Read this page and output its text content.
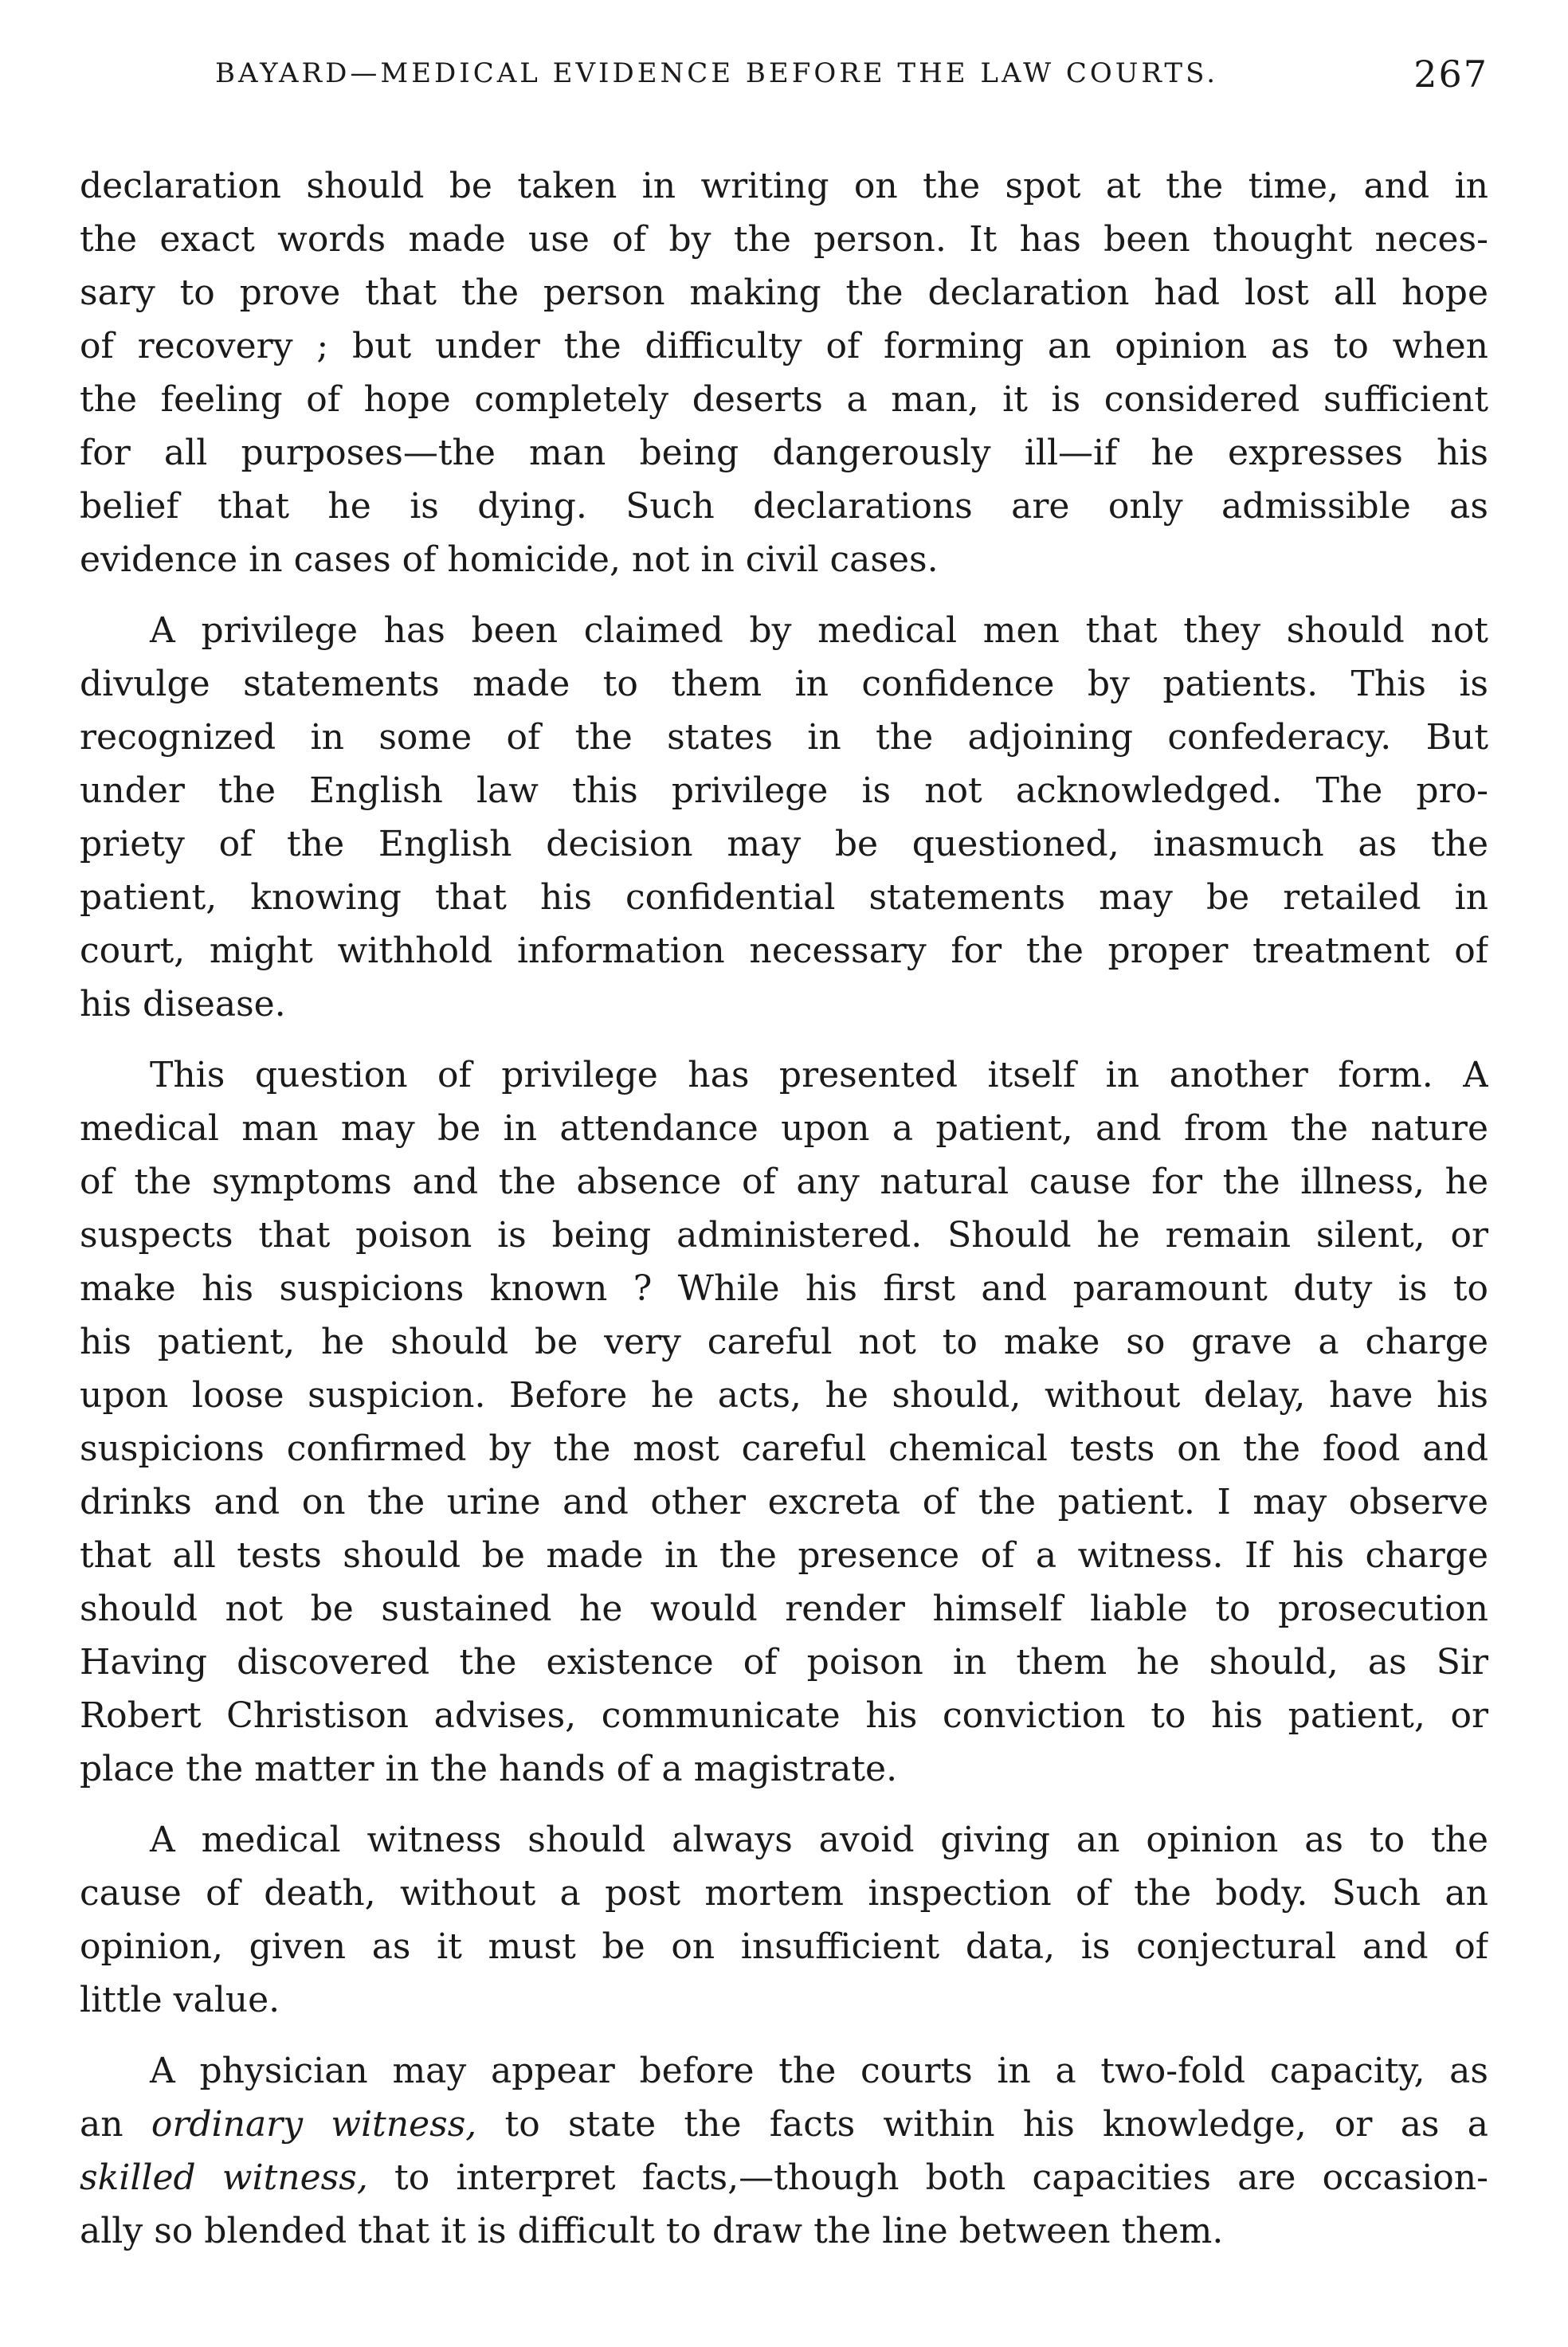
BAYARD—MEDICAL EVIDENCE BEFORE THE LAW COURTS.	267
declaration should be taken in writing on the spot at the time, and in
the exact words made use of by the person. It has been thought neces-
sary to prove that the person making the declaration had lost all hope
of recovery ; but under the difficulty of forming an opinion as to when
the feeling of hope completely deserts a man, it is considered sufficient
for all purposes—the man being dangerously ill—if he expresses his
belief that he is dying. Such declarations are only admissible as
evidence in cases of homicide, not in civil cases.
A privilege has been claimed by medical men that they should not
divulge statements made to them in confidence by patients. This is
recognized in some of the states in the adjoining confederacy. But
under the English law this privilege is not acknowledged. The pro-
priety of the English decision may be questioned, inasmuch as the
patient, knowing that his confidential statements may be retailed in
court, might withhold information necessary for the proper treatment of
his disease.
This question of privilege has presented itself in another form. A
medical man may be in attendance upon a patient, and from the nature
of the symptoms and the absence of any natural cause for the illness, he
suspects that poison is being administered. Should he remain silent, or
make his suspicions known ? While his first and paramount duty is to
his patient, he should be very careful not to make so grave a charge
upon loose suspicion. Before he acts, he should, without delay, have his
suspicions confirmed by the most careful chemical tests on the food and
drinks and on the urine and other excreta of the patient. I may observe
that all tests should be made in the presence of a witness. If his charge
should not be sustained he would render himself liable to prosecution
Having discovered the existence of poison in them he should, as Sir
Robert Christison advises, communicate his conviction to his patient, or
place the matter in the hands of a magistrate.
A medical witness should always avoid giving an opinion as to the
cause of death, without a post mortem inspection of the body. Such an
opinion, given as it must be on insufficient data, is conjectural and of
little value.
A physician may appear before the courts in a two-fold capacity, as
an ordinary witness, to state the facts within his knowledge, or as a
skilled witness, to interpret facts,—though both capacities are occasion-
ally so blended that it is difficult to draw the line between them.
